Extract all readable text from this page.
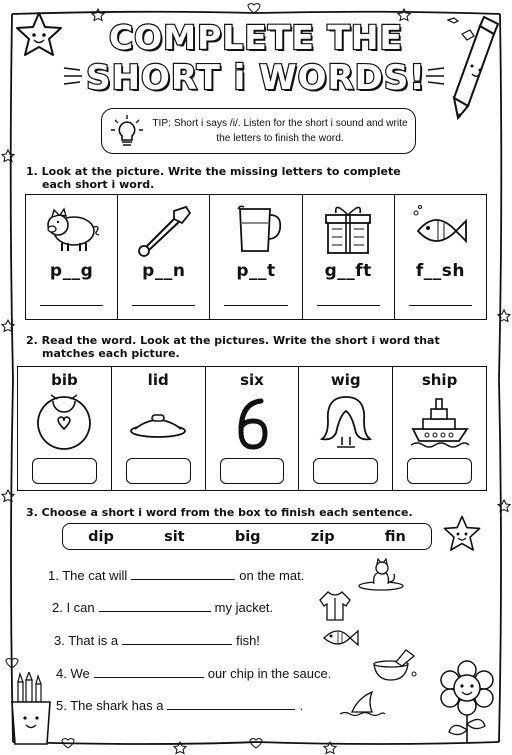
COMPLETE THE
SHORT i WORDS!
TIP: Short i says /i/. Listen for the short i sound and write the letters to finish the word.
1. Look at the picture. Write the missing letters to complete
each short i word.
p__g	p__n	p__t	g__ft	f__sh
2. Read the word. Look at the pictures. Write the short i word that
matches each picture.
bib	lid	six	wig	ship
3. Choose a short i word from the box to finish each sentence.
dip	sit	big	zip	fin
1. The cat will	on the mat.
2. I can	my jacket.
3. That is a	fish!
4. We	our chip in the sauce.
5. The shark has a	.
